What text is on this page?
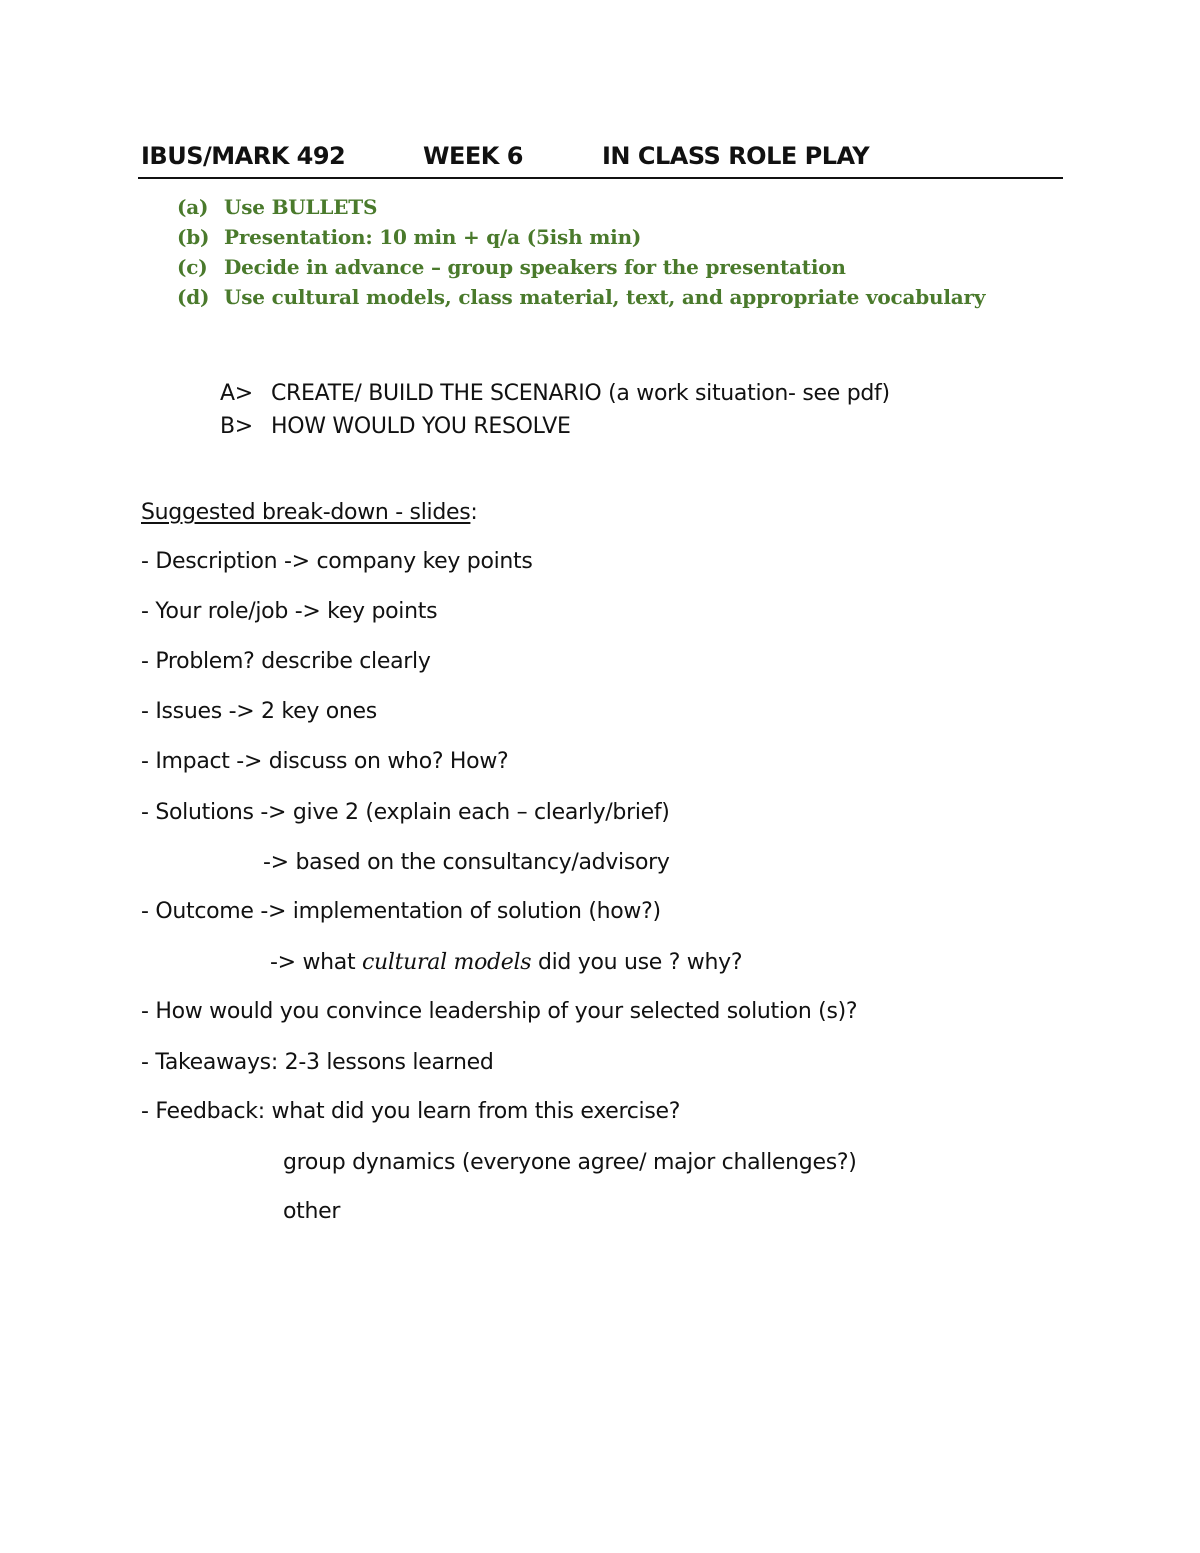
IBUS/MARK 492	WEEK 6	IN CLASS ROLE PLAY
(a) Use BULLETS
(b) Presentation: 10 min + q/a (5ish min)
(c) Decide in advance – group speakers for the presentation
(d) Use cultural models, class material, text, and appropriate vocabulary
A> CREATE/ BUILD THE SCENARIO (a work situation- see pdf)
B> HOW WOULD YOU RESOLVE
Suggested break-down - slides:
- Description -> company key points
- Your role/job -> key points
- Problem? describe clearly
- Issues -> 2 key ones
- Impact -> discuss on who? How?
- Solutions -> give 2 (explain each – clearly/brief)
-> based on the consultancy/advisory
- Outcome -> implementation of solution (how?)
-> what cultural models did you use ? why?
- How would you convince leadership of your selected solution (s)?
- Takeaways: 2-3 lessons learned
- Feedback: what did you learn from this exercise?
group dynamics (everyone agree/ major challenges?)
other
